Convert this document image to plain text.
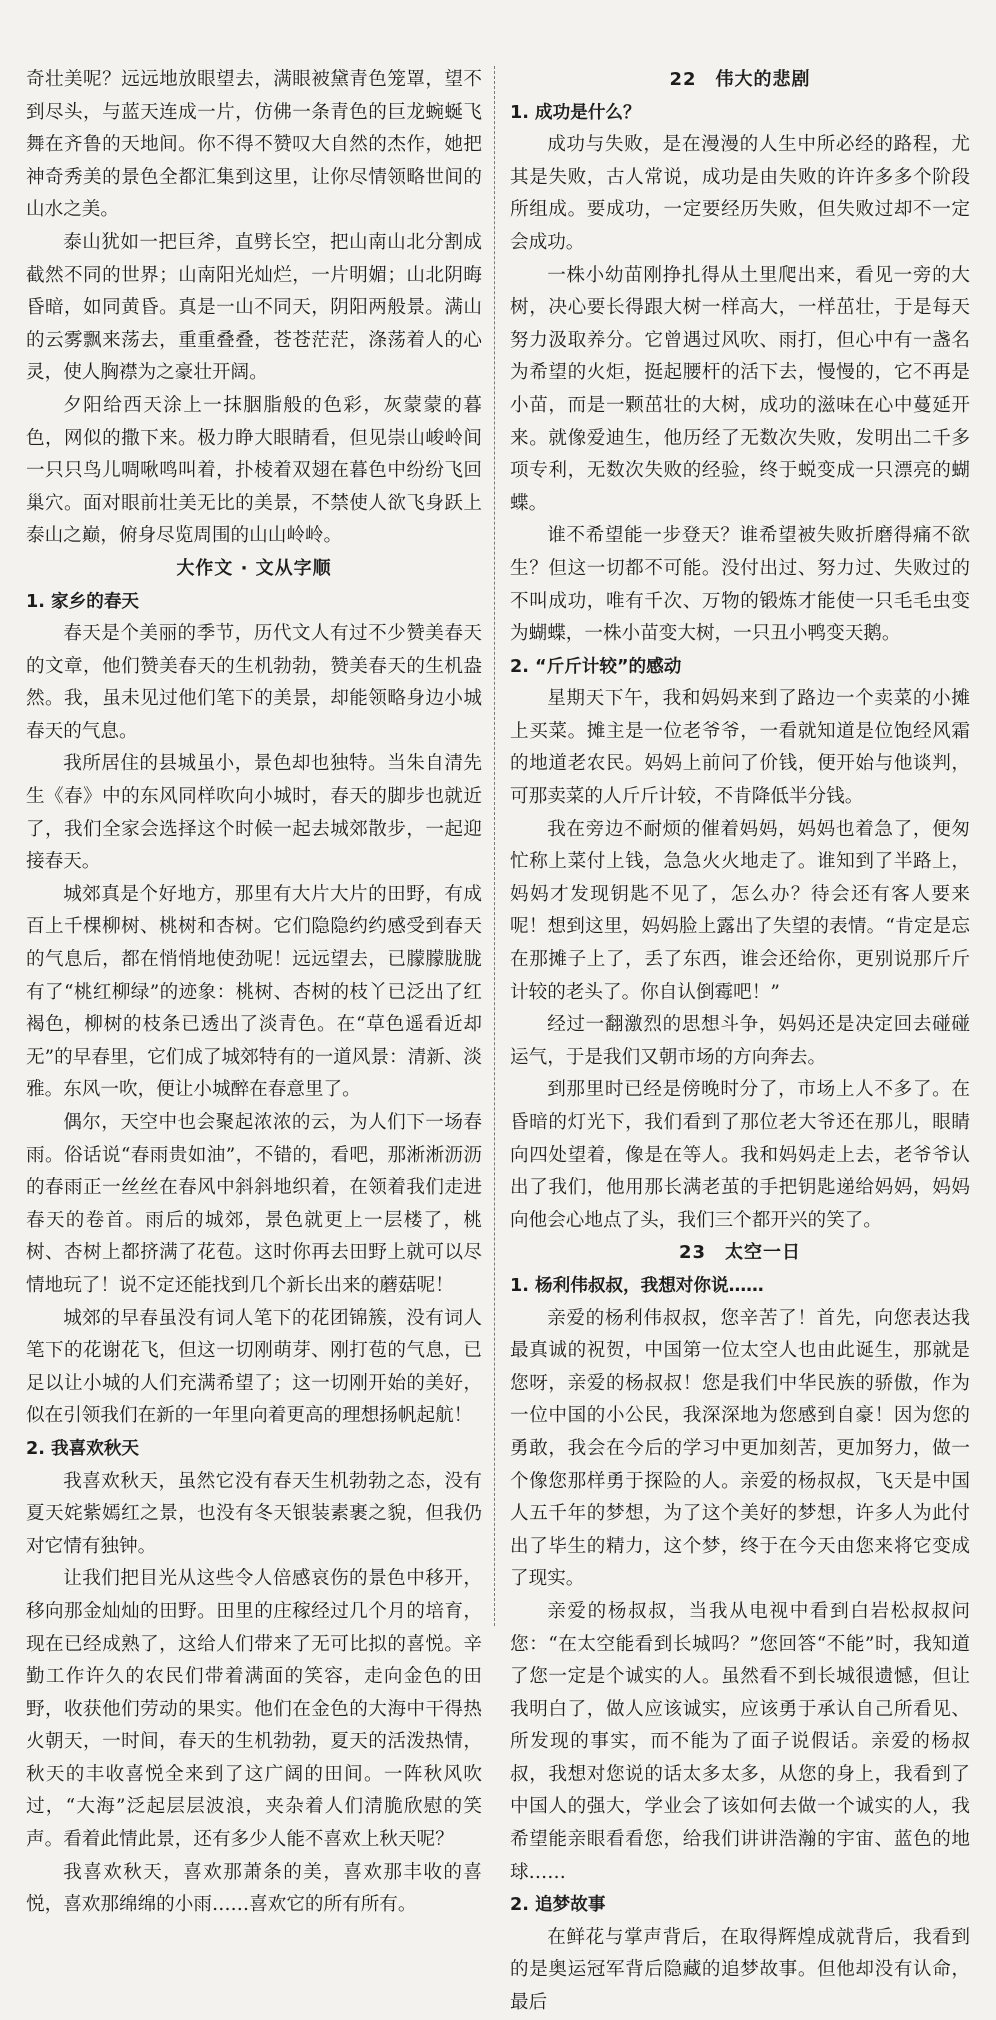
奇壮美呢？远远地放眼望去，满眼被黛青色笼罩，望不到尽头，与蓝天连成一片，仿佛一条青色的巨龙蜿蜒飞舞在齐鲁的天地间。你不得不赞叹大自然的杰作，她把神奇秀美的景色全都汇集到这里，让你尽情领略世间的山水之美。

泰山犹如一把巨斧，直劈长空，把山南山北分割成截然不同的世界；山南阳光灿烂，一片明媚；山北阴晦昏暗，如同黄昏。真是一山不同天，阴阳两般景。满山的云雾飘来荡去，重重叠叠，苍苍茫茫，涤荡着人的心灵，使人胸襟为之豪壮开阔。

夕阳给西天涂上一抹胭脂般的色彩，灰蒙蒙的暮色，网似的撒下来。极力睁大眼睛看，但见崇山峻岭间一只只鸟儿啁啾鸣叫着，扑棱着双翅在暮色中纷纷飞回巢穴。面对眼前壮美无比的美景，不禁使人欲飞身跃上泰山之巅，俯身尽览周围的山山岭岭。

大作文 · 文从字顺

1. 家乡的春天

春天是个美丽的季节，历代文人有过不少赞美春天的文章，他们赞美春天的生机勃勃，赞美春天的生机盎然。我，虽未见过他们笔下的美景，却能领略身边小城春天的气息。

我所居住的县城虽小，景色却也独特。当朱自清先生《春》中的东风同样吹向小城时，春天的脚步也就近了，我们全家会选择这个时候一起去城郊散步，一起迎接春天。

城郊真是个好地方，那里有大片大片的田野，有成百上千棵柳树、桃树和杏树。它们隐隐约约感受到春天的气息后，都在悄悄地使劲呢！远远望去，已朦朦胧胧有了“桃红柳绿”的迹象：桃树、杏树的枝丫已泛出了红褐色，柳树的枝条已透出了淡青色。在“草色遥看近却无”的早春里，它们成了城郊特有的一道风景：清新、淡雅。东风一吹，便让小城醉在春意里了。

偶尔，天空中也会聚起浓浓的云，为人们下一场春雨。俗话说“春雨贵如油”，不错的，看吧，那淅淅沥沥的春雨正一丝丝在春风中斜斜地织着，在领着我们走进春天的卷首。雨后的城郊，景色就更上一层楼了，桃树、杏树上都挤满了花苞。这时你再去田野上就可以尽情地玩了！说不定还能找到几个新长出来的蘑菇呢！

城郊的早春虽没有词人笔下的花团锦簇，没有词人笔下的花谢花飞，但这一切刚萌芽、刚打苞的气息，已足以让小城的人们充满希望了；这一切刚开始的美好，似在引领我们在新的一年里向着更高的理想扬帆起航！

2. 我喜欢秋天

我喜欢秋天，虽然它没有春天生机勃勃之态，没有夏天姹紫嫣红之景，也没有冬天银装素裹之貌，但我仍对它情有独钟。

让我们把目光从这些令人倍感哀伤的景色中移开，移向那金灿灿的田野。田里的庄稼经过几个月的培育，现在已经成熟了，这给人们带来了无可比拟的喜悦。辛勤工作许久的农民们带着满面的笑容，走向金色的田野，收获他们劳动的果实。他们在金色的大海中干得热火朝天，一时间，春天的生机勃勃，夏天的活泼热情，秋天的丰收喜悦全来到了这广阔的田间。一阵秋风吹过，“大海”泛起层层波浪，夹杂着人们清脆欣慰的笑声。看着此情此景，还有多少人能不喜欢上秋天呢？

我喜欢秋天，喜欢那萧条的美，喜欢那丰收的喜悦，喜欢那绵绵的小雨……喜欢它的所有所有。

22　伟大的悲剧

1. 成功是什么？

成功与失败，是在漫漫的人生中所必经的路程，尤其是失败，古人常说，成功是由失败的许许多多个阶段所组成。要成功，一定要经历失败，但失败过却不一定会成功。

一株小幼苗刚挣扎得从土里爬出来，看见一旁的大树，决心要长得跟大树一样高大，一样茁壮，于是每天努力汲取养分。它曾遇过风吹、雨打，但心中有一盏名为希望的火炬，挺起腰杆的活下去，慢慢的，它不再是小苗，而是一颗茁壮的大树，成功的滋味在心中蔓延开来。就像爱迪生，他历经了无数次失败，发明出二千多项专利，无数次失败的经验，终于蜕变成一只漂亮的蝴蝶。

谁不希望能一步登天？谁希望被失败折磨得痛不欲生？但这一切都不可能。没付出过、努力过、失败过的不叫成功，唯有千次、万物的锻炼才能使一只毛毛虫变为蝴蝶，一株小苗变大树，一只丑小鸭变天鹅。

2. “斤斤计较”的感动

星期天下午，我和妈妈来到了路边一个卖菜的小摊上买菜。摊主是一位老爷爷，一看就知道是位饱经风霜的地道老农民。妈妈上前问了价钱，便开始与他谈判，可那卖菜的人斤斤计较，不肯降低半分钱。

我在旁边不耐烦的催着妈妈，妈妈也着急了，便匆忙称上菜付上钱，急急火火地走了。谁知到了半路上，妈妈才发现钥匙不见了，怎么办？待会还有客人要来呢！想到这里，妈妈脸上露出了失望的表情。“肯定是忘在那摊子上了，丢了东西，谁会还给你，更别说那斤斤计较的老头了。你自认倒霉吧！”

经过一翻激烈的思想斗争，妈妈还是决定回去碰碰运气，于是我们又朝市场的方向奔去。

到那里时已经是傍晚时分了，市场上人不多了。在昏暗的灯光下，我们看到了那位老大爷还在那儿，眼睛向四处望着，像是在等人。我和妈妈走上去，老爷爷认出了我们，他用那长满老茧的手把钥匙递给妈妈，妈妈向他会心地点了头，我们三个都开兴的笑了。

23　太空一日

1. 杨利伟叔叔，我想对你说……

亲爱的杨利伟叔叔，您辛苦了！首先，向您表达我最真诚的祝贺，中国第一位太空人也由此诞生，那就是您呀，亲爱的杨叔叔！您是我们中华民族的骄傲，作为一位中国的小公民，我深深地为您感到自豪！因为您的勇敢，我会在今后的学习中更加刻苦，更加努力，做一个像您那样勇于探险的人。亲爱的杨叔叔，飞天是中国人五千年的梦想，为了这个美好的梦想，许多人为此付出了毕生的精力，这个梦，终于在今天由您来将它变成了现实。

亲爱的杨叔叔，当我从电视中看到白岩松叔叔问您：“在太空能看到长城吗？”您回答“不能”时，我知道了您一定是个诚实的人。虽然看不到长城很遗憾，但让我明白了，做人应该诚实，应该勇于承认自己所看见、所发现的事实，而不能为了面子说假话。亲爱的杨叔叔，我想对您说的话太多太多，从您的身上，我看到了中国人的强大，学业会了该如何去做一个诚实的人，我希望能亲眼看看您，给我们讲讲浩瀚的宇宙、蓝色的地球……

2. 追梦故事

在鲜花与掌声背后，在取得辉煌成就背后，我看到的是奥运冠军背后隐藏的追梦故事。但他却没有认命，最后
